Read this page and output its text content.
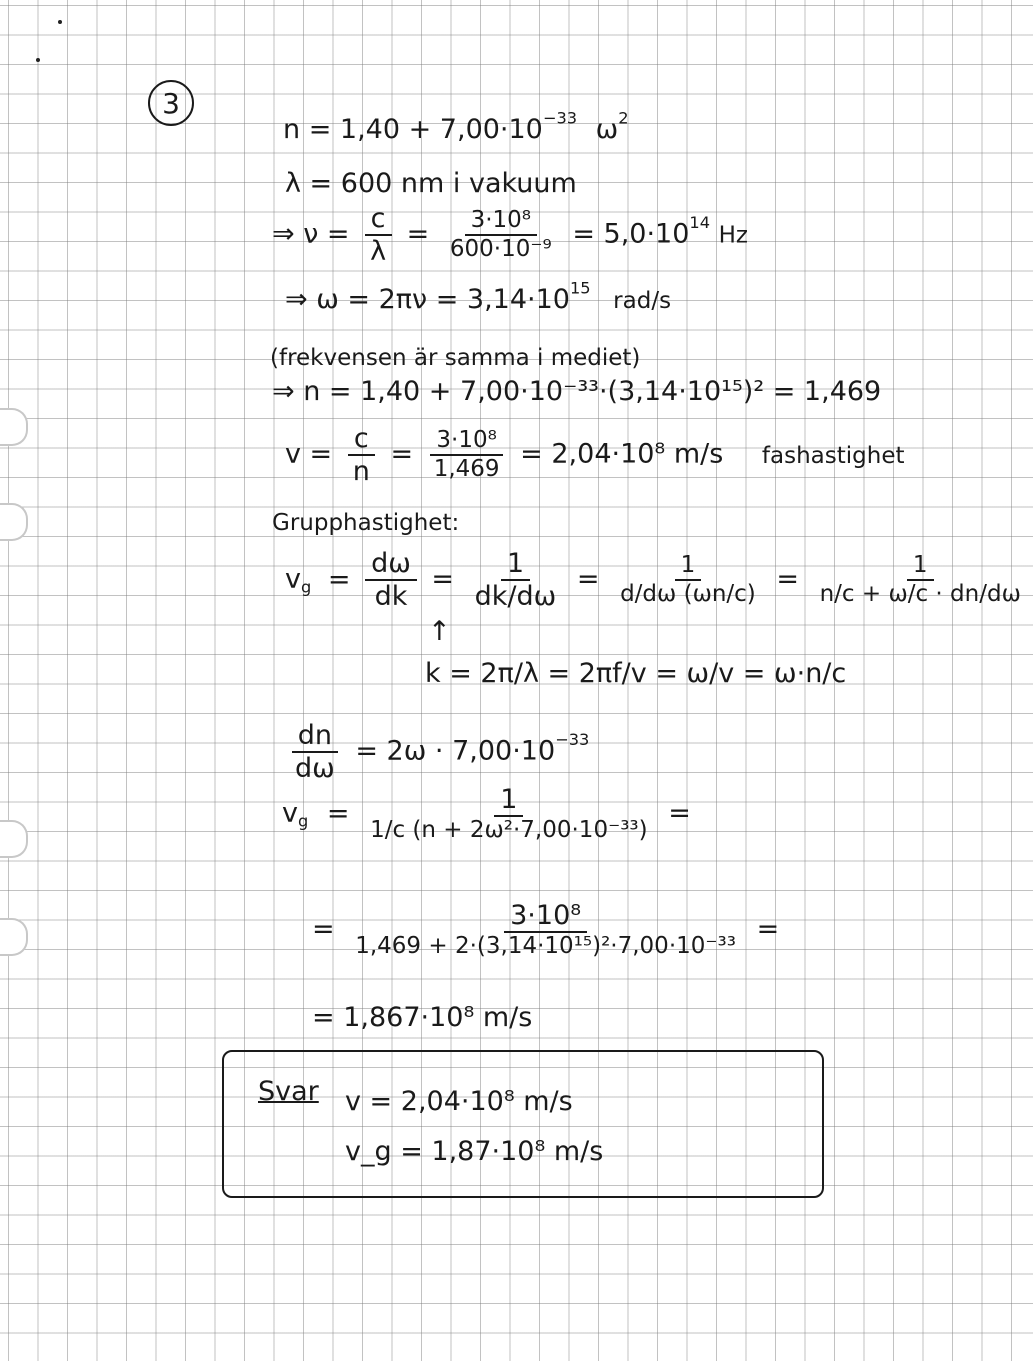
3
$n = 1,40 + 7,00\cdot 10^{-33}$ $\omega^2$
λ = 600 nm i vakuum
⇒ $\nu = \frac{c}{\lambda} = \frac{\text{3·10⁸}}{\text{600·10⁻⁹}} = 5,0\cdot 10^{14}$ Hz
⇒ $\omega = 2\pi\nu = 3,14\cdot 10^{15}$ rad/s
(frekvensen är samma i mediet)
⇒ n = 1,40 + 7,00·10⁻³³·(3,14·10¹⁵)² = 1,469
$v = \frac{c}{n} = \frac{\text{3·10⁸}}{1,469} = 2,04\cdot 10^8$ m/s fashastighet
Grupphastighet:
$v_g = \frac{d\omega}{dk} = \frac{1}{dk/d\omega} = \frac{1}{d/d\omega (\omega n/c)} = \frac{1}{n/c + \omega/c \cdot dn/d\omega}$
↑
k = 2π/λ = 2πf/v = ω/v = ω·n/c
$\frac{dn}{d\omega} = 2\omega \cdot 7,00\cdot 10^{-33}$
$v_g = \frac{1}{\text{1/c (n + 2ω²·7,00·10⁻³³)}}$ =
= $\frac{\text{3·10⁸}}{\text{1,469 + 2·(3,14·10¹⁵)²·7,00·10⁻³³}}$ =
= 1,867·10⁸ m/s
Svar v = 2,04·10⁸ m/s
v_g = 1,87·10⁸ m/s
